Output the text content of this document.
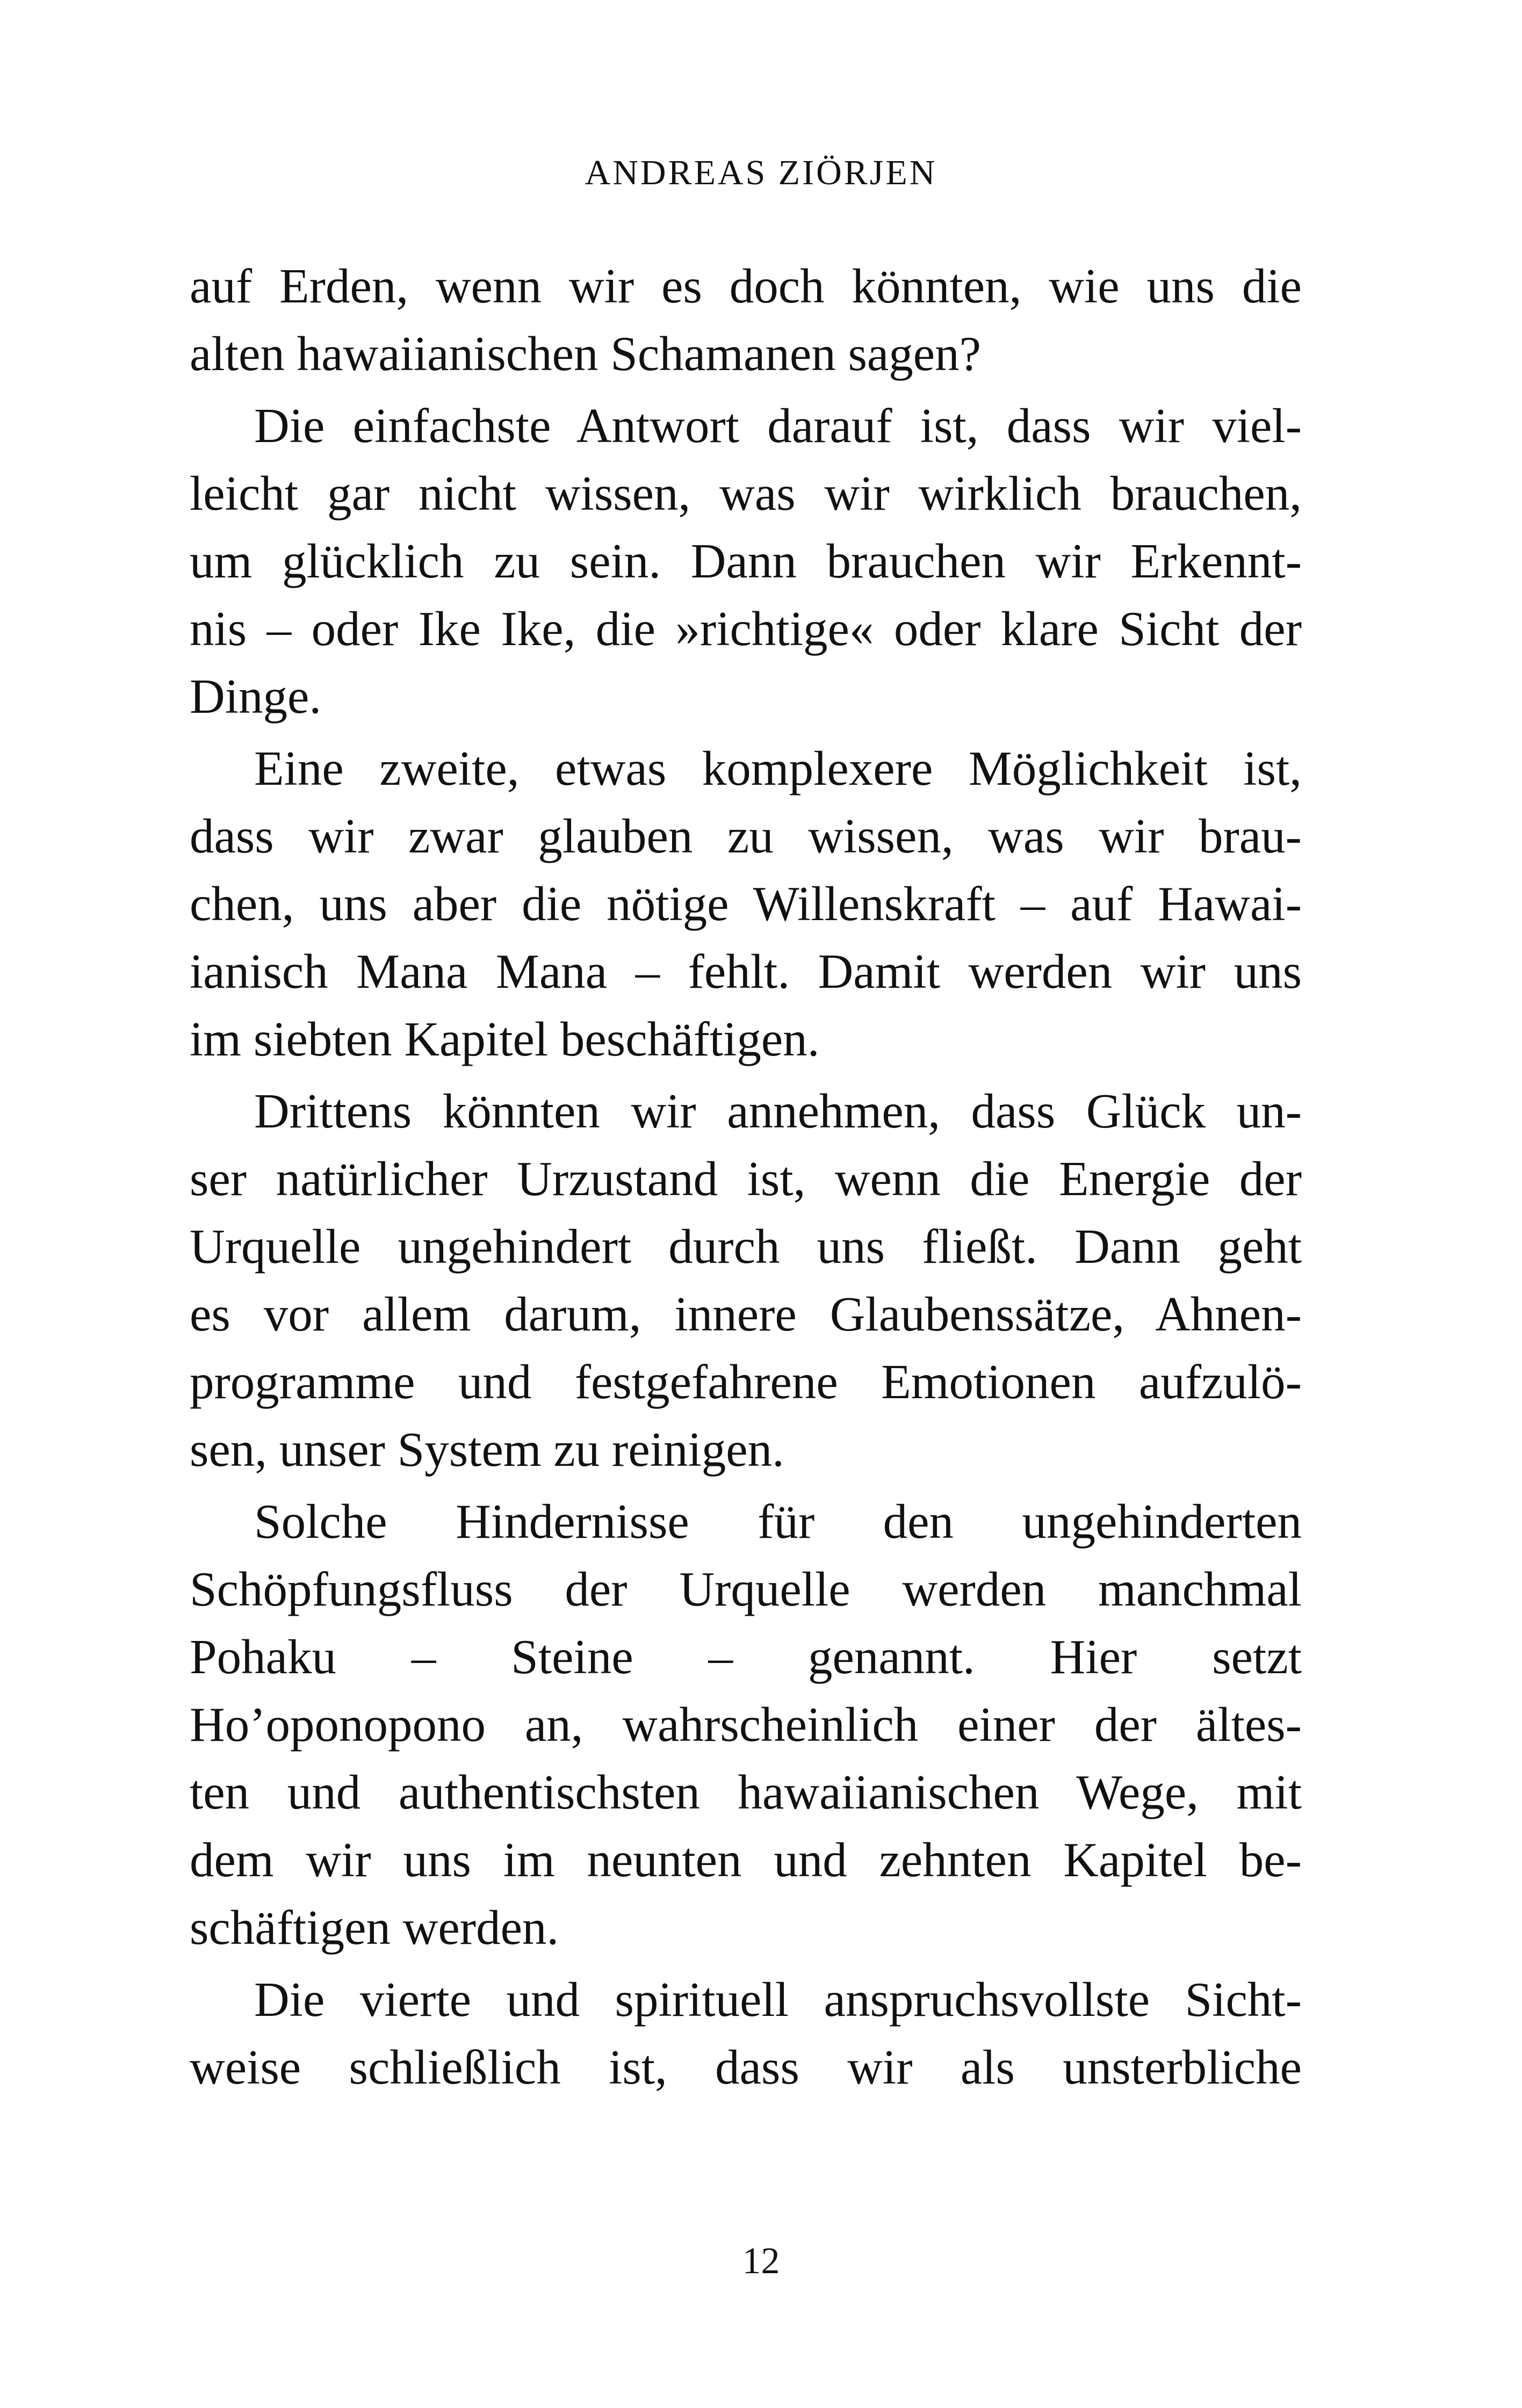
ANDREAS ZIÖRJEN
auf Erden, wenn wir es doch könnten, wie uns die
alten hawaiianischen Schamanen sagen?
Die einfachste Antwort darauf ist, dass wir viel-
leicht gar nicht wissen, was wir wirklich brauchen,
um glücklich zu sein. Dann brauchen wir Erkennt-
nis – oder Ike Ike, die »richtige« oder klare Sicht der
Dinge.
Eine zweite, etwas komplexere Möglichkeit ist,
dass wir zwar glauben zu wissen, was wir brau-
chen, uns aber die nötige Willenskraft – auf Hawai-
ianisch Mana Mana – fehlt. Damit werden wir uns
im siebten Kapitel beschäftigen.
Drittens könnten wir annehmen, dass Glück un-
ser natürlicher Urzustand ist, wenn die Energie der
Urquelle ungehindert durch uns fließt. Dann geht
es vor allem darum, innere Glaubenssätze, Ahnen-
programme und festgefahrene Emotionen aufzulö-
sen, unser System zu reinigen.
Solche Hindernisse für den ungehinderten
Schöpfungsfluss der Urquelle werden manchmal
Pohaku – Steine – genannt. Hier setzt
Ho’oponopono an, wahrscheinlich einer der ältes-
ten und authentischsten hawaiianischen Wege, mit
dem wir uns im neunten und zehnten Kapitel be-
schäftigen werden.
Die vierte und spirituell anspruchsvollste Sicht-
weise schließlich ist, dass wir als unsterbliche
12
